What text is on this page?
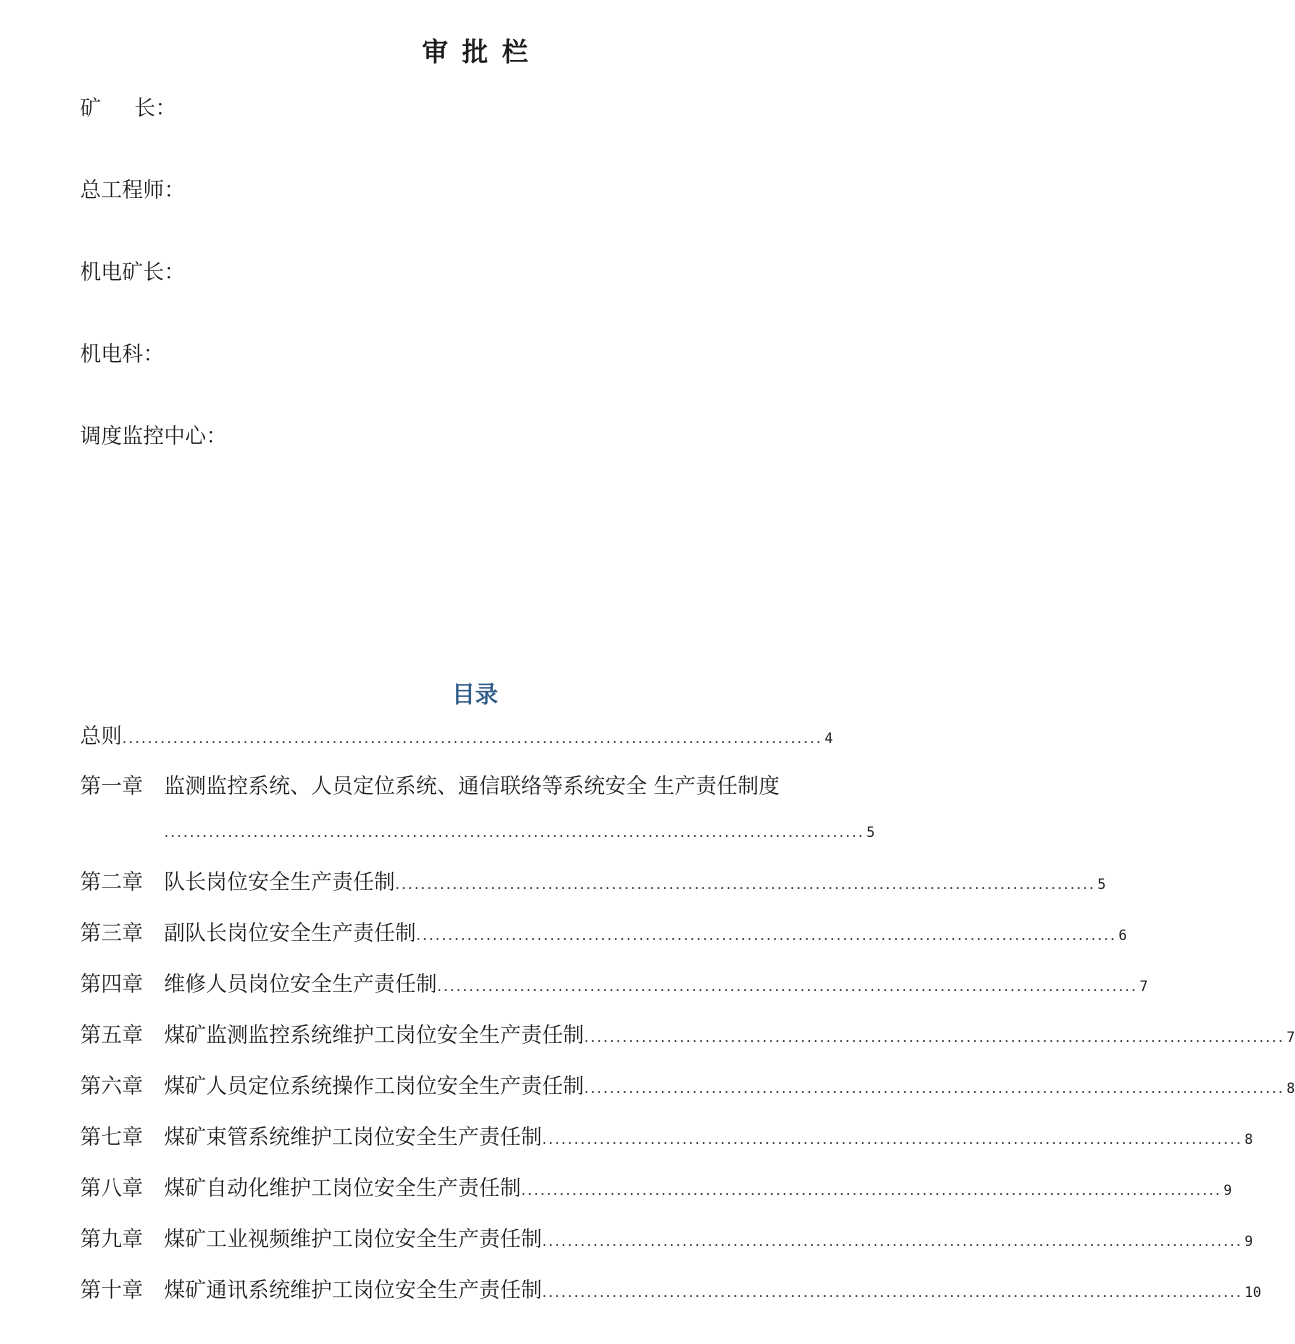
审批栏
矿     长：
总工程师：
机电矿长：
机电科：
调度监控中心：
目录
总则 .............................................................................................................. 4
第一章 监测监控系统、人员定位系统、通信联络等系统安全 生产责任制度
.............................................................................................................. 5
第二章	队长岗位安全生产责任制 .............................................................................................................. 5
第三章	副队长岗位安全生产责任制 .............................................................................................................. 6
第四章	维修人员岗位安全生产责任制 .............................................................................................................. 7
第五章	煤矿监测监控系统维护工岗位安全生产责任制 .............................................................................................................. 7
第六章	煤矿人员定位系统操作工岗位安全生产责任制 .............................................................................................................. 8
第七章	煤矿束管系统维护工岗位安全生产责任制 .............................................................................................................. 8
第八章	煤矿自动化维护工岗位安全生产责任制 .............................................................................................................. 9
第九章	煤矿工业视频维护工岗位安全生产责任制 .............................................................................................................. 9
第十章	煤矿通讯系统维护工岗位安全生产责任制 .............................................................................................................. 10
